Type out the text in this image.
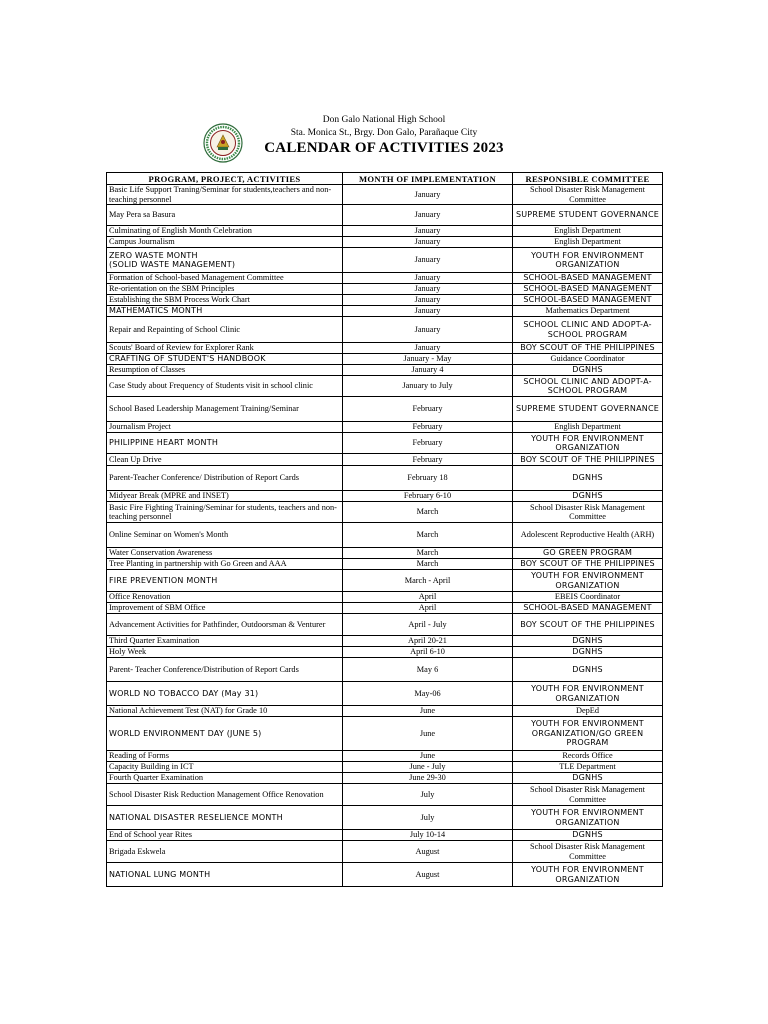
Don Galo National High School
Sta. Monica St., Brgy. Don Galo, Parañaque City
CALENDAR OF ACTIVITIES 2023
PROGRAM, PROJECT, ACTIVITIES	MONTH OF IMPLEMENTATION	RESPONSIBLE COMMITTEE
Basic Life Support Traning/Seminar for students,teachers and non-teaching personnel	January	School Disaster Risk Management Committee
May Pera sa Basura	January	SUPREME STUDENT GOVERNANCE
Culminating of English Month Celebration	January	English Department
Campus Journalism	January	English Department
ZERO WASTE MONTH
(SOLID WASTE MANAGEMENT)	January	YOUTH FOR ENVIRONMENT ORGANIZATION
Formation of School-based Management Committee	January	SCHOOL-BASED MANAGEMENT
Re-orientation on the SBM Principles	January	SCHOOL-BASED MANAGEMENT
Establishing the SBM Process Work Chart	January	SCHOOL-BASED MANAGEMENT
MATHEMATICS MONTH	January	Mathematics Department
Repair and Repainting of School Clinic	January	SCHOOL CLINIC AND ADOPT-A-SCHOOL PROGRAM
Scouts' Board of Review for Explorer Rank	January	BOY SCOUT OF THE PHILIPPINES
CRAFTING OF STUDENT'S HANDBOOK	January - May	Guidance Coordinator
Resumption of Classes	January 4	DGNHS
Case Study about Frequency of Students visit in school clinic	January to July	SCHOOL CLINIC AND ADOPT-A-SCHOOL PROGRAM
School Based Leadership Management Training/Seminar	February	SUPREME STUDENT GOVERNANCE
Journalism Project	February	English Department
PHILIPPINE HEART MONTH	February	YOUTH FOR ENVIRONMENT ORGANIZATION
Clean Up Drive	February	BOY SCOUT OF THE PHILIPPINES
Parent-Teacher Conference/ Distribution of Report Cards	February 18	DGNHS
Midyear Break (MPRE and INSET)	February 6-10	DGNHS
Basic Fire Fighting Training/Seminar for students, teachers and non-teaching personnel	March	School Disaster Risk Management Committee
Online Seminar on Women's Month	March	Adolescent Reproductive Health (ARH)
Water Conservation Awareness	March	GO GREEN PROGRAM
Tree Planting in partnership with Go Green and AAA	March	BOY SCOUT OF THE PHILIPPINES
FIRE PREVENTION MONTH	March - April	YOUTH FOR ENVIRONMENT ORGANIZATION
Office Renovation	April	EBEIS Coordinator
Improvement of SBM Office	April	SCHOOL-BASED MANAGEMENT
Advancement Activities for Pathfinder, Outdoorsman & Venturer	April - July	BOY SCOUT OF THE PHILIPPINES
Third Quarter Examination	April 20-21	DGNHS
Holy Week	April 6-10	DGNHS
Parent- Teacher Conference/Distribution of Report Cards	May 6	DGNHS
WORLD NO TOBACCO DAY (May 31)	May-06	YOUTH FOR ENVIRONMENT ORGANIZATION
National Achievement Test (NAT) for Grade 10	June	DepEd
WORLD ENVIRONMENT DAY (JUNE 5)	June	YOUTH FOR ENVIRONMENT ORGANIZATION/GO GREEN PROGRAM
Reading of Forms	June	Records Office
Capacity Building in ICT	June - July	TLE Department
Fourth Quarter Examination	June 29-30	DGNHS
School Disaster Risk Reduction Management Office Renovation	July	School Disaster Risk Management Committee
NATIONAL DISASTER RESELIENCE MONTH	July	YOUTH FOR ENVIRONMENT ORGANIZATION
End of School year Rites	July 10-14	DGNHS
Brigada Eskwela	August	School Disaster Risk Management Committee
NATIONAL LUNG MONTH	August	YOUTH FOR ENVIRONMENT ORGANIZATION
